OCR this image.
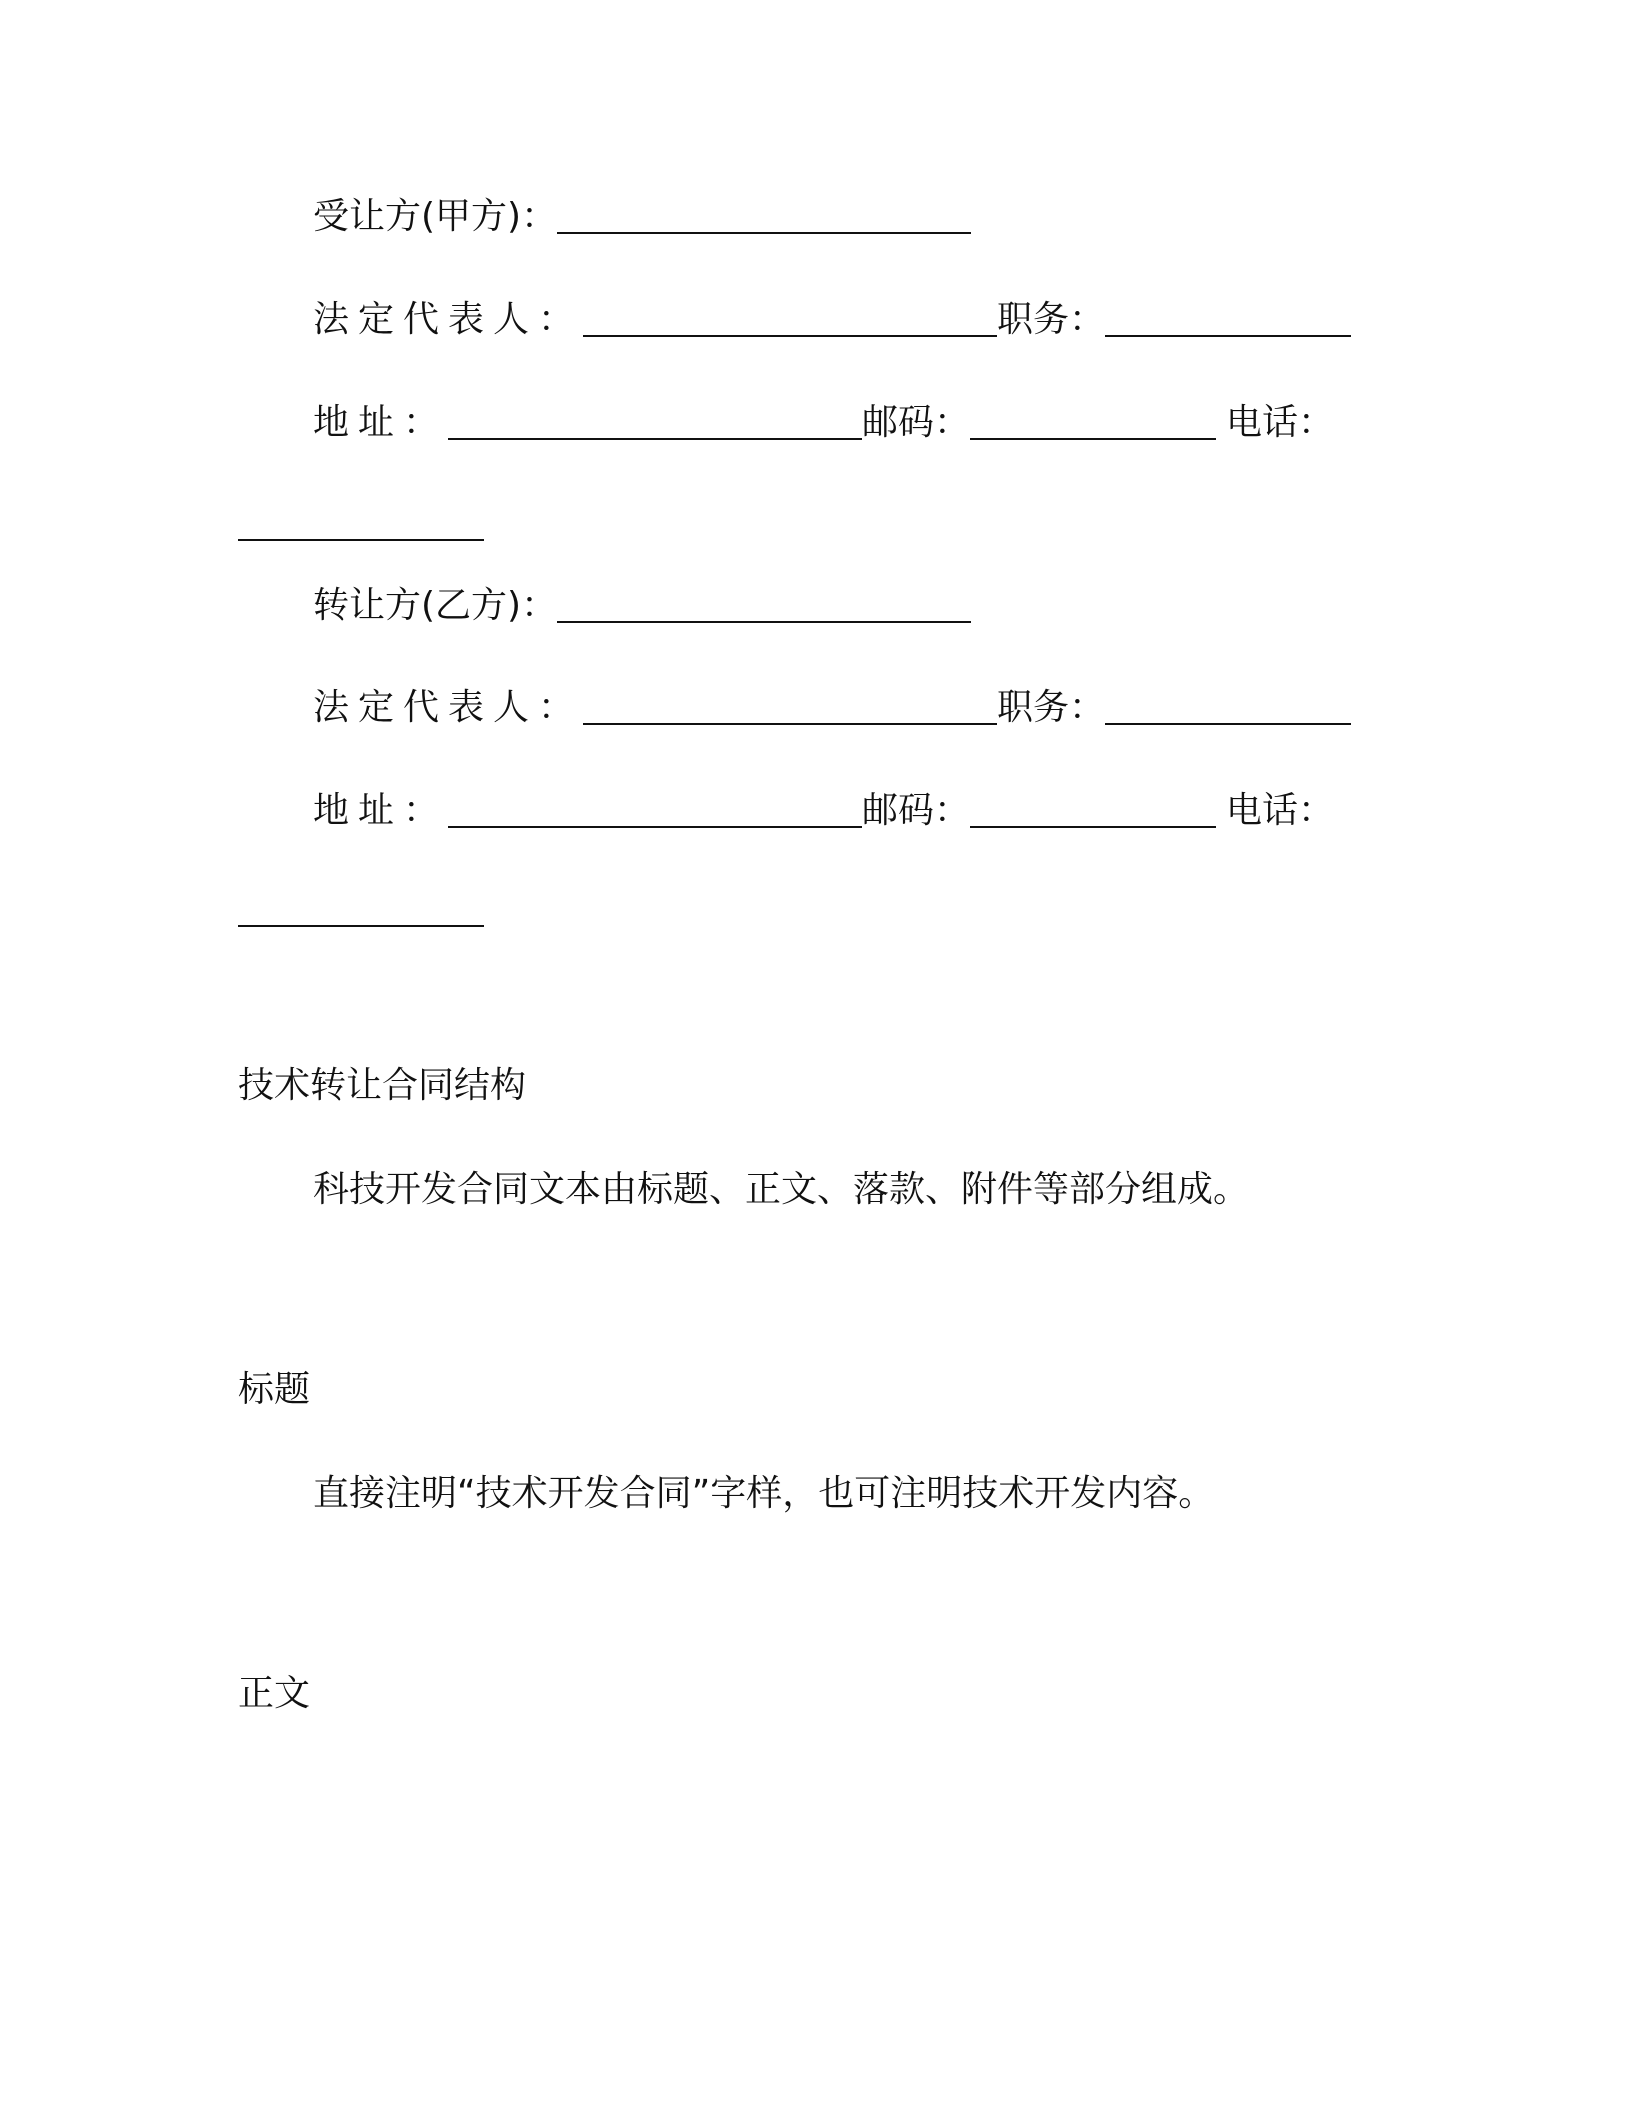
受让方(甲方)：
法定代表人：	职务：
地址：	邮码：	电话：
转让方(乙方)：
法定代表人：	职务：
地址：	邮码：	电话：
技术转让合同结构
科技开发合同文本由标题、正文、落款、附件等部分组成。
标题
直接注明“技术开发合同”字样，也可注明技术开发内容。
正文
